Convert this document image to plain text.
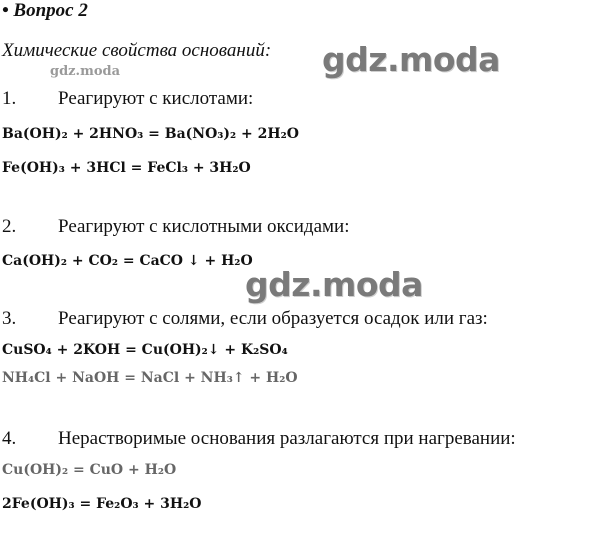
• Вопрос 2
Химические свойства оснований: gdz.moda
gdz.moda
gdz.moda
1. Реагируют с кислотами:
Ba(OH)₂ + 2HNO₃ = Ba(NO₃)₂ + 2H₂O
Fe(OH)₃ + 3HCl = FeCl₃ + 3H₂O
2. Реагируют с кислотными оксидами:
Ca(OH)₂ + CO₂ = CaCO ↓ + H₂O
3. Реагируют с солями, если образуется осадок или газ:
CuSO₄ + 2KOH = Cu(OH)₂↓ + K₂SO₄
NH₄Cl + NaOH = NaCl + NH₃↑ + H₂O
4. Нерастворимые основания разлагаются при нагревании:
Cu(OH)₂ = CuO + H₂O
2Fe(OH)₃ = Fe₂O₃ + 3H₂O
